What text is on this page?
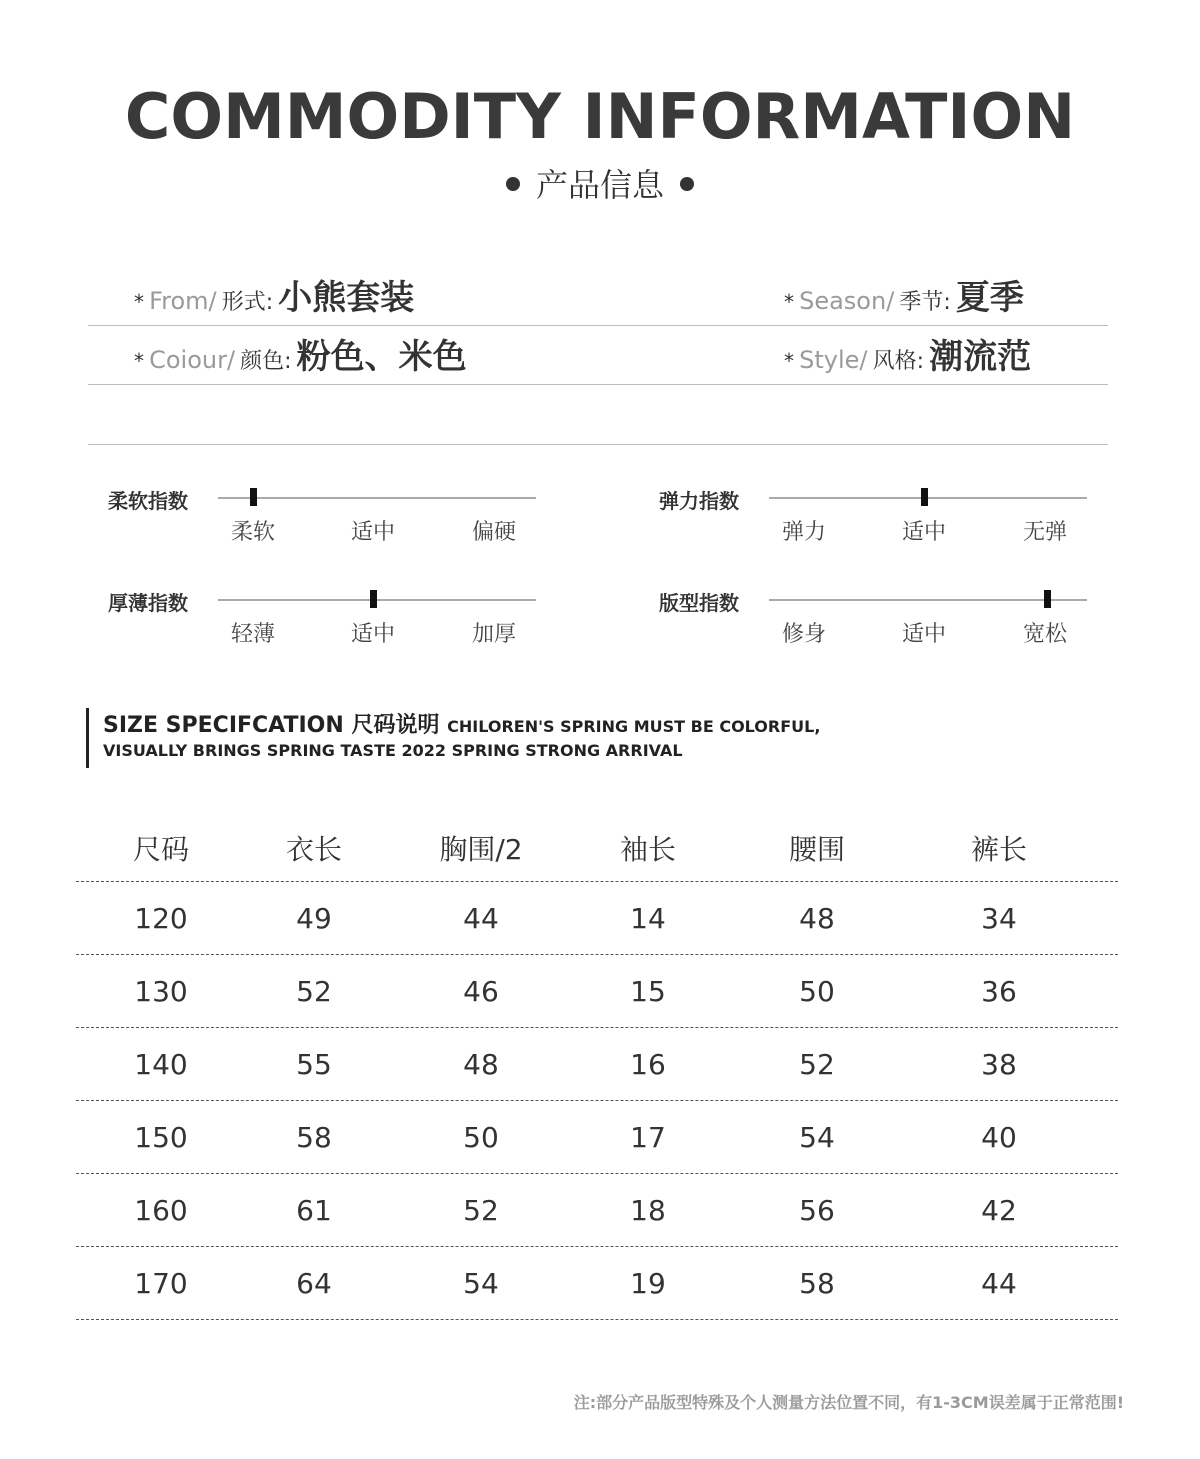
COMMODITY INFORMATION
产品信息
* From/ 形式: 小熊套装	* Season/ 季节: 夏季
* Coiour/ 颜色: 粉色、米色	* Style/ 风格: 潮流范
柔软指数
柔软	适中	偏硬
弹力指数
弹力	适中	无弹
厚薄指数
轻薄	适中	加厚
版型指数
修身	适中	宽松
SIZE SPECIFCATION 尺码说明 CHILOREN'S SPRING MUST BE COLORFUL,
VISUALLY BRINGS SPRING TASTE 2022 SPRING STRONG ARRIVAL
尺码	衣长	胸围/2	袖长	腰围	裤长
120	49	44	14	48	34
130	52	46	15	50	36
140	55	48	16	52	38
150	58	50	17	54	40
160	61	52	18	56	42
170	64	54	19	58	44
注:部分产品版型特殊及个人测量方法位置不同，有1-3CM误差属于正常范围!
